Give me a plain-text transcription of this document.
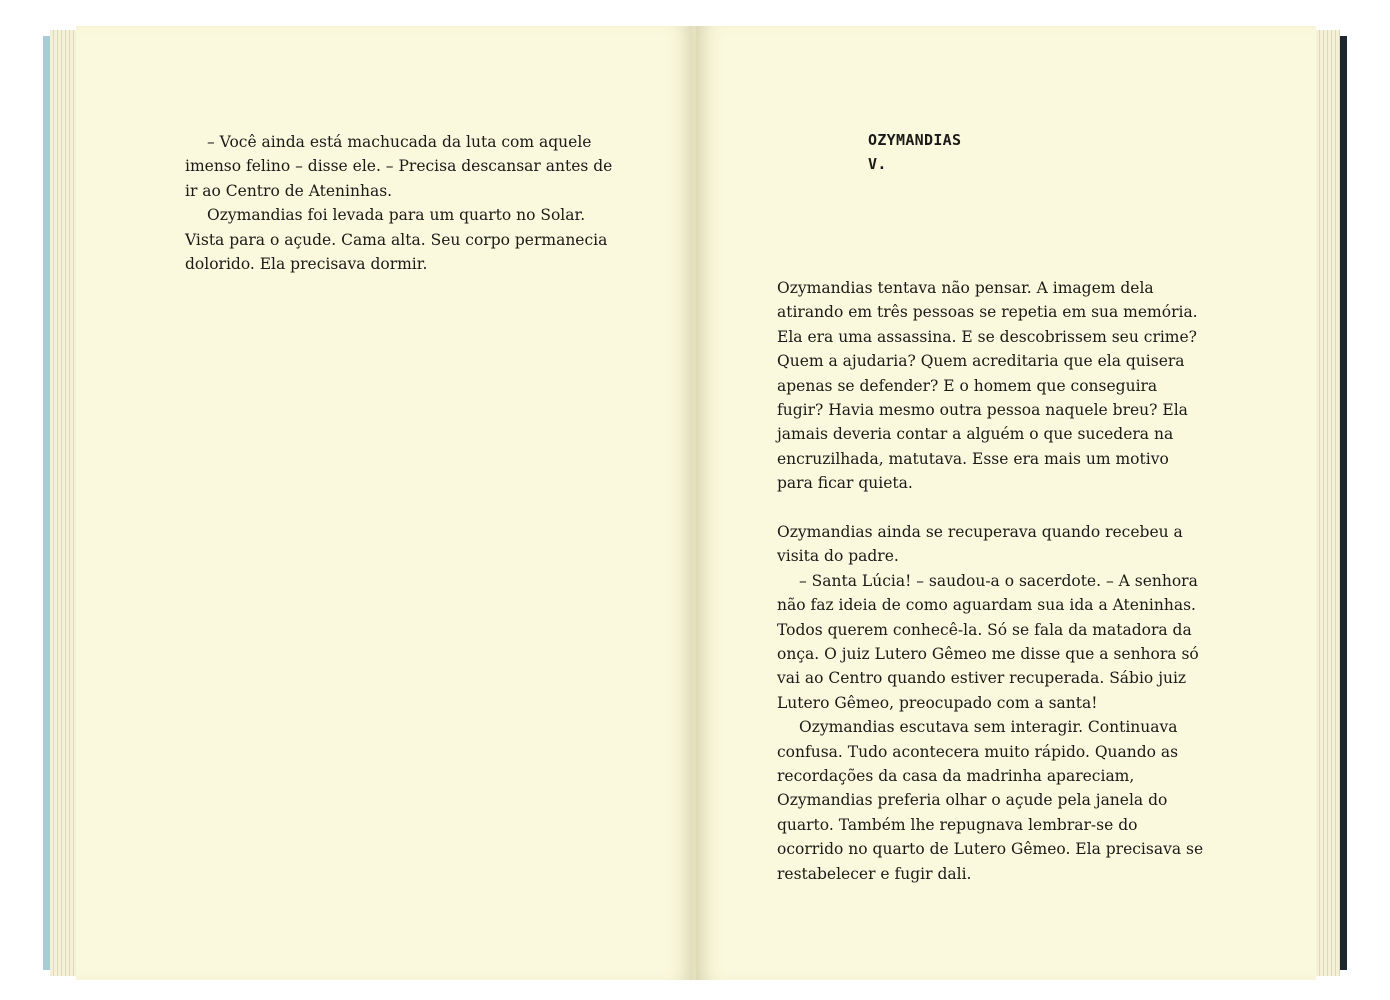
– Você ainda está machucada da luta com aquele imenso felino – disse ele. – Precisa descansar antes de ir ao Centro de Ateninhas.

Ozymandias foi levada para um quarto no Solar. Vista para o açude. Cama alta. Seu corpo permanecia dolorido. Ela precisava dormir.

OZYMANDIAS
V.

Ozymandias tentava não pensar. A imagem dela atirando em três pessoas se repetia em sua memória. Ela era uma assassina. E se descobrissem seu crime? Quem a ajudaria? Quem acreditaria que ela quisera apenas se defender? E o homem que conseguira fugir? Havia mesmo outra pessoa naquele breu? Ela jamais deveria contar a alguém o que sucedera na encruzilhada, matutava. Esse era mais um motivo para ficar quieta.

Ozymandias ainda se recuperava quando recebeu a visita do padre.

– Santa Lúcia! – saudou-a o sacerdote. – A senhora não faz ideia de como aguardam sua ida a Ateninhas. Todos querem conhecê-la. Só se fala da matadora da onça. O juiz Lutero Gêmeo me disse que a senhora só vai ao Centro quando estiver recuperada. Sábio juiz Lutero Gêmeo, preocupado com a santa!

Ozymandias escutava sem interagir. Continuava confusa. Tudo acontecera muito rápido. Quando as recordações da casa da madrinha apareciam, Ozymandias preferia olhar o açude pela janela do quarto. Também lhe repugnava lembrar-se do ocorrido no quarto de Lutero Gêmeo. Ela precisava se restabelecer e fugir dali.
